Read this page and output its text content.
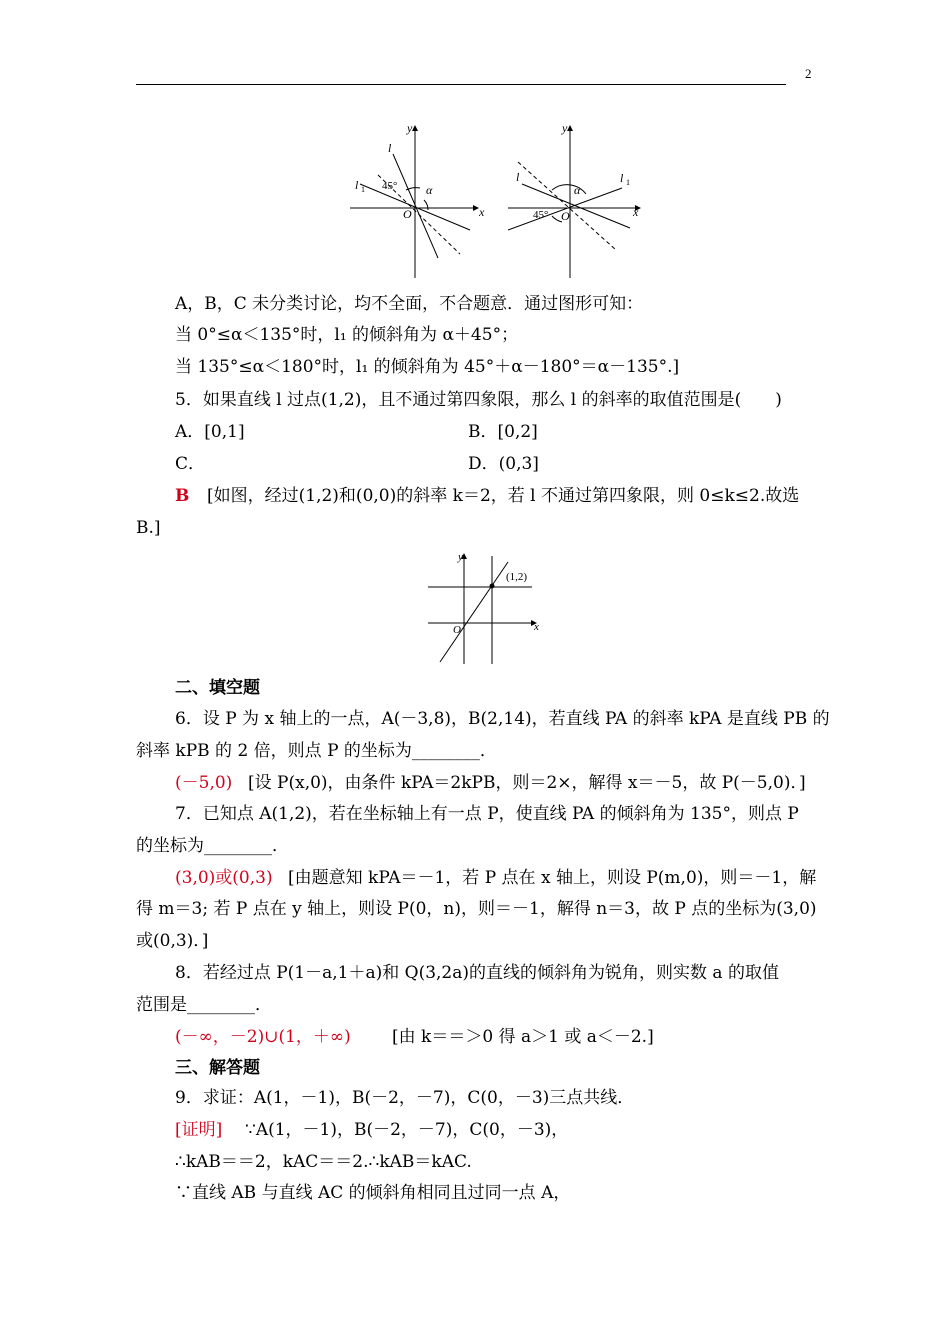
2
y
x
O
l
l 1 45° α
y
x
O
l	l 1
45°
α
A，B，C 未分类讨论，均不全面，不合题意．通过图形可知：
当 0°≤α＜135°时，l₁ 的倾斜角为 α＋45°；
当 135°≤α＜180°时，l₁ 的倾斜角为 45°＋α－180°＝α－135°.]
5．如果直线 l 过点(1,2)，且不通过第四象限，那么 l 的斜率的取值范围是(　　)
A．[0,1]	B．[0,2]
C．	D．(0,3]
B [如图，经过(1,2)和(0,0)的斜率 k＝2，若 l 不通过第四象限，则 0≤k≤2.故选
B.]
y
x
O
(1,2)
二、填空题
6．设 P 为 x 轴上的一点，A(－3,8)，B(2,14)，若直线 PA 的斜率 kPA 是直线 PB 的
斜率 kPB 的 2 倍，则点 P 的坐标为________．
(－5,0) [设 P(x,0)，由条件 kPA＝2kPB，则＝2×，解得 x＝－5，故 P(－5,0)．]
7．已知点 A(1,2)，若在坐标轴上有一点 P，使直线 PA 的倾斜角为 135°，则点 P
的坐标为________．
(3,0)或(0,3) [由题意知 kPA＝－1，若 P 点在 x 轴上，则设 P(m,0)，则＝－1，解
得 m＝3; 若 P 点在 y 轴上，则设 P(0，n)，则＝－1，解得 n＝3，故 P 点的坐标为(3,0)
或(0,3)．]
8．若经过点 P(1－a,1＋a)和 Q(3,2a)的直线的倾斜角为锐角，则实数 a 的取值
范围是________．
(－∞，－2)∪(1，＋∞) [由 k＝＝＞0 得 a＞1 或 a＜－2.]
三、解答题
9．求证：A(1，－1)，B(－2，－7)，C(0，－3)三点共线．
[证明] ∵A(1，－1)，B(－2，－7)，C(0，－3)，
∴kAB＝＝2，kAC＝＝2.∴kAB＝kAC.
∵直线 AB 与直线 AC 的倾斜角相同且过同一点 A，
